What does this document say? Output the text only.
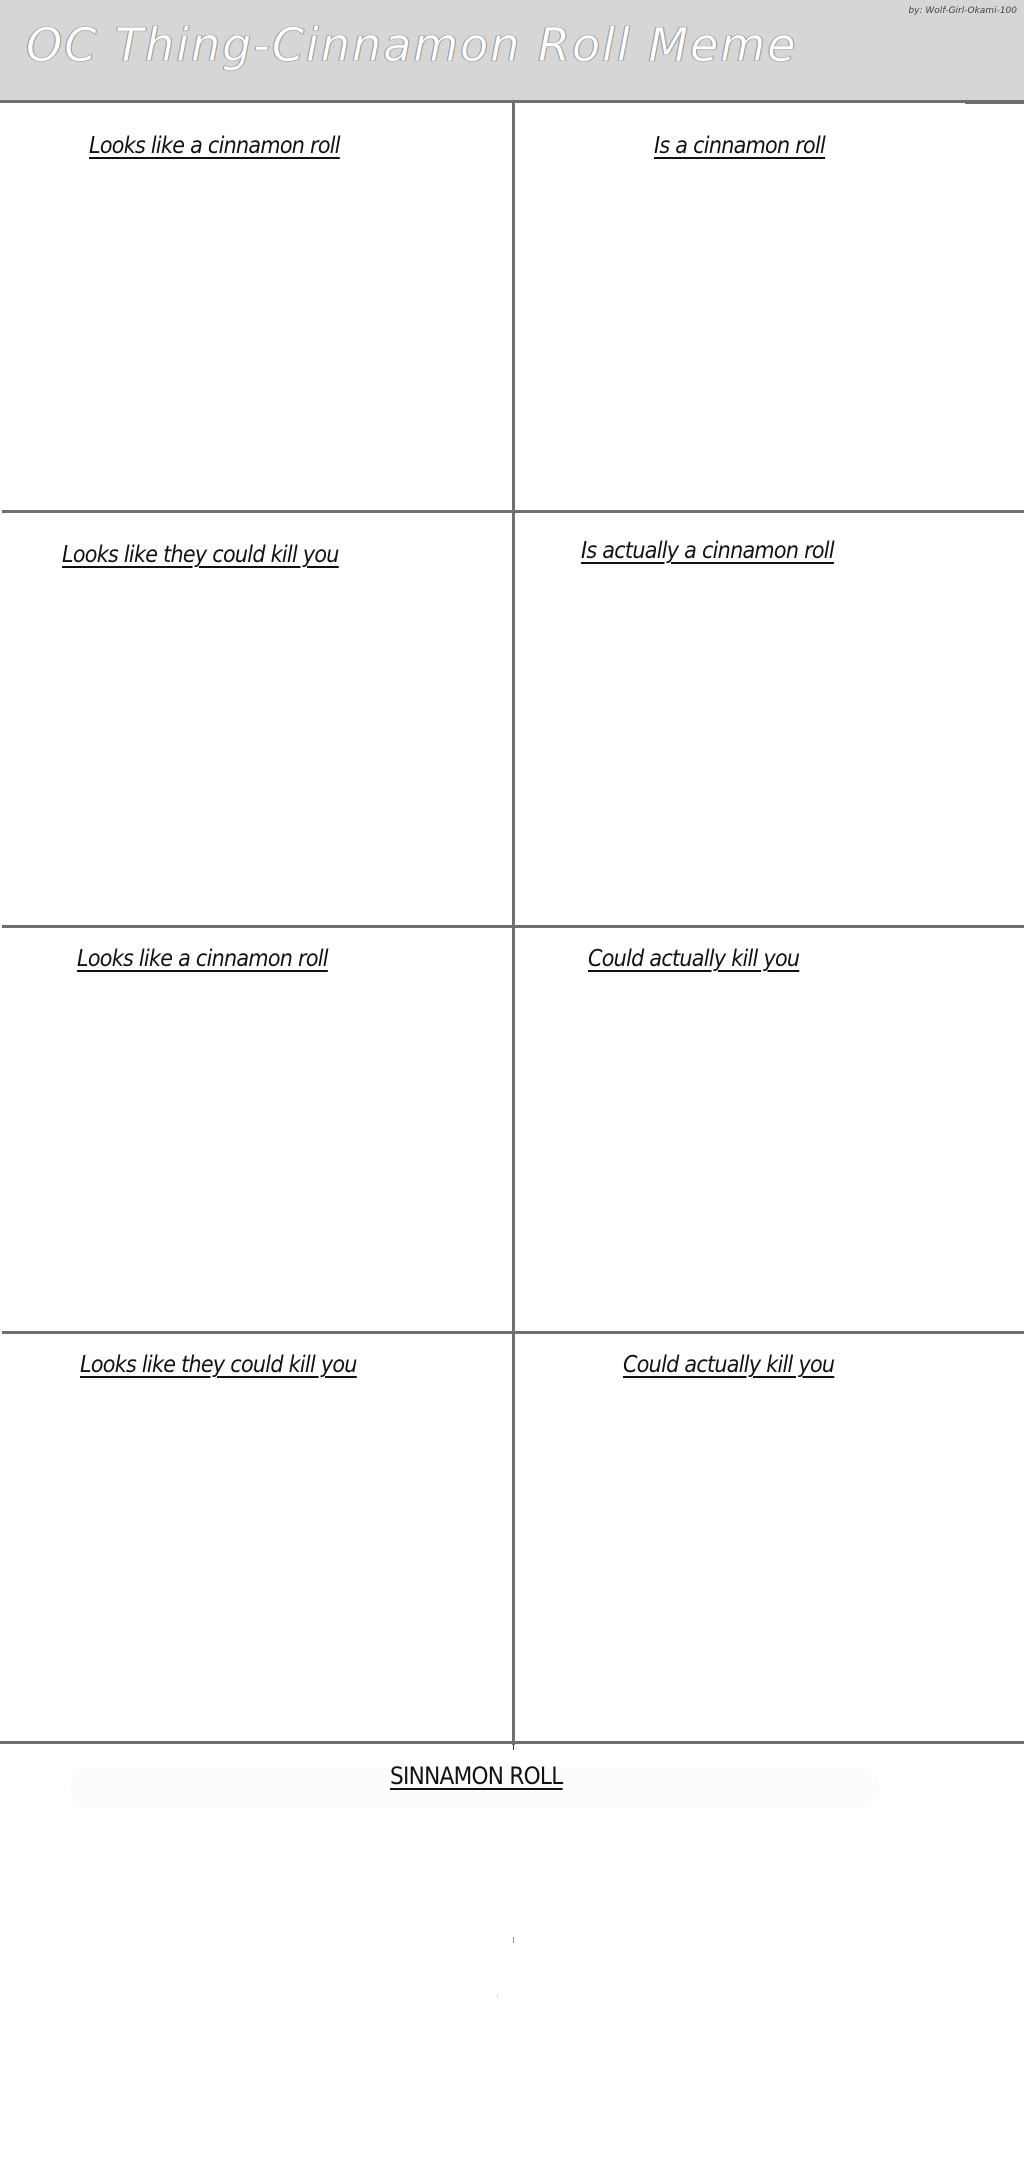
OC Thing-Cinnamon Roll Meme
by: Wolf-Girl-Okami-100
Looks like a cinnamon roll	Is a cinnamon roll
Looks like they could kill you	Is actually a cinnamon roll
Looks like a cinnamon roll	Could actually kill you
Looks like they could kill you	Could actually kill you
SINNAMON ROLL
